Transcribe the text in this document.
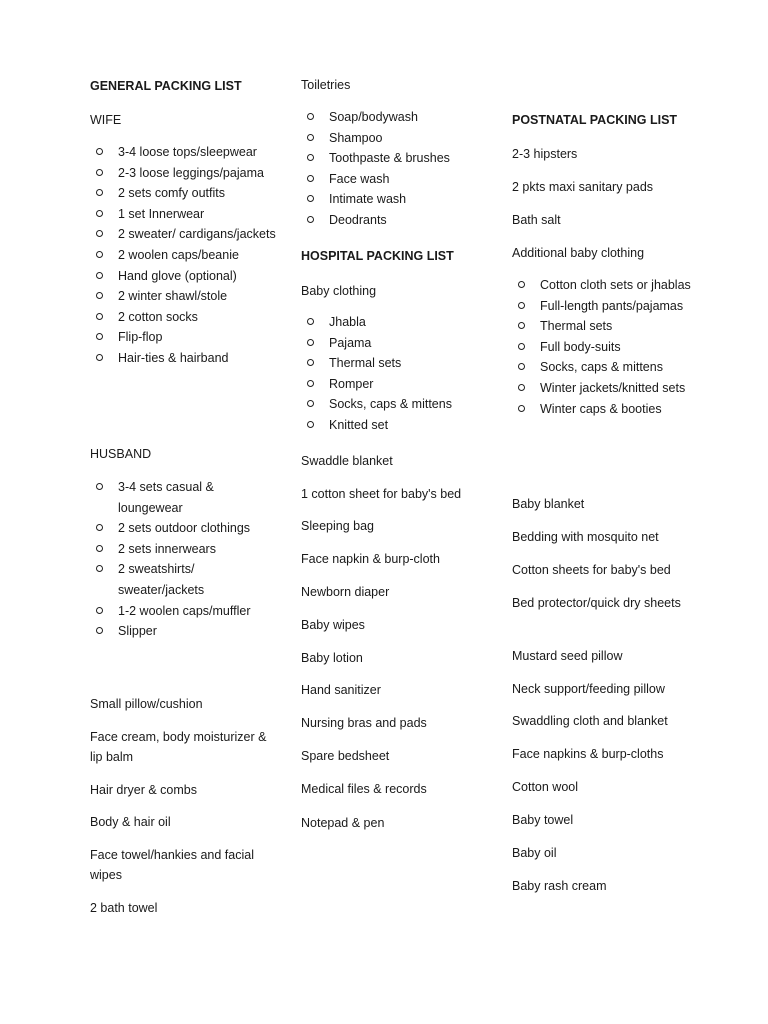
GENERAL PACKING LIST
WIFE
3-4 loose tops/sleepwear
2-3 loose leggings/pajama
2 sets comfy outfits
1 set Innerwear
2 sweater/ cardigans/jackets
2 woolen caps/beanie
Hand glove (optional)
2 winter shawl/stole
2 cotton socks
Flip-flop
Hair-ties & hairband
HUSBAND
3-4 sets casual & loungewear
2 sets outdoor clothings
2 sets innerwears
2 sweatshirts/ sweater/jackets
1-2 woolen caps/muffler
Slipper
Small pillow/cushion
Face cream, body moisturizer & lip balm
Hair dryer & combs
Body & hair oil
Face towel/hankies and facial wipes
2 bath towel
Toiletries
Soap/bodywash
Shampoo
Toothpaste & brushes
Face wash
Intimate wash
Deodrants
HOSPITAL PACKING LIST
Baby clothing
Jhabla
Pajama
Thermal sets
Romper
Socks, caps & mittens
Knitted set
Swaddle blanket
1 cotton sheet for baby's bed
Sleeping bag
Face napkin & burp-cloth
Newborn diaper
Baby wipes
Baby lotion
Hand sanitizer
Nursing bras and pads
Spare bedsheet
Medical files & records
Notepad & pen
POSTNATAL PACKING LIST
2-3 hipsters
2 pkts maxi sanitary pads
Bath salt
Additional baby clothing
Cotton cloth sets or jhablas
Full-length pants/pajamas
Thermal sets
Full body-suits
Socks, caps & mittens
Winter jackets/knitted sets
Winter caps & booties
Baby blanket
Bedding with mosquito net
Cotton sheets for baby's bed
Bed protector/quick dry sheets
Mustard seed pillow
Neck support/feeding pillow
Swaddling cloth and blanket
Face napkins & burp-cloths
Cotton wool
Baby towel
Baby oil
Baby rash cream
